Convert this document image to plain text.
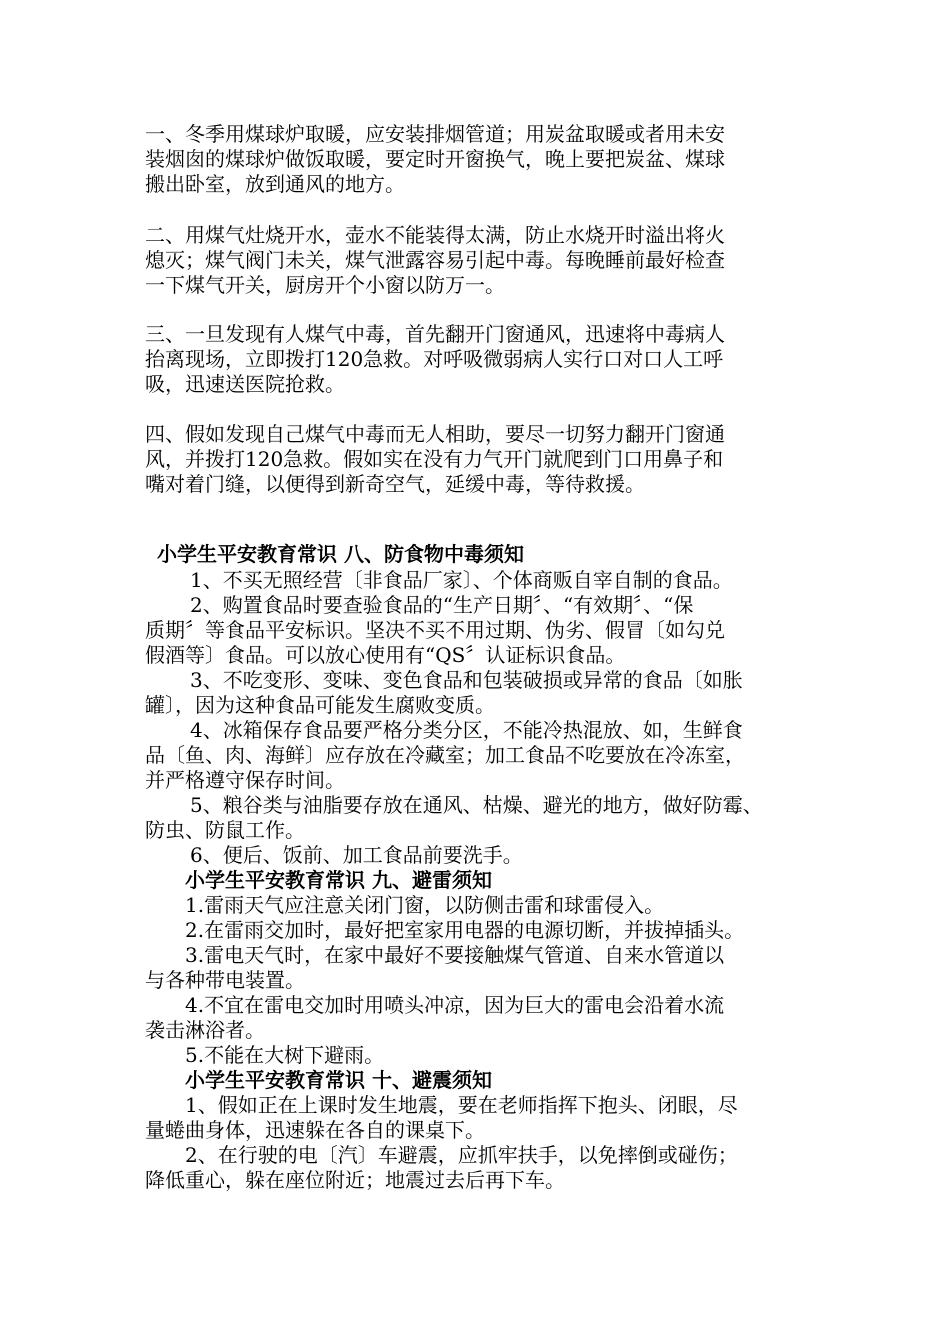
一、冬季用煤球炉取暖，应安装排烟管道；用炭盆取暖或者用未安
装烟囱的煤球炉做饭取暖，要定时开窗换气，晚上要把炭盆、煤球
搬出卧室，放到通风的地方。

二、用煤气灶烧开水，壶水不能装得太满，防止水烧开时溢出将火
熄灭；煤气阀门未关，煤气泄露容易引起中毒。每晚睡前最好检查
一下煤气开关，厨房开个小窗以防万一。

三、一旦发现有人煤气中毒，首先翻开门窗通风，迅速将中毒病人
抬离现场，立即拨打120急救。对呼吸微弱病人实行口对口人工呼
吸，迅速送医院抢救。

四、假如发现自己煤气中毒而无人相助，要尽一切努力翻开门窗通
风，并拨打120急救。假如实在没有力气开门就爬到门口用鼻子和
嘴对着门缝，以便得到新奇空气，延缓中毒，等待救援。

小学生平安教育常识 八、防食物中毒须知
1、不买无照经营〔非食品厂家〕、个体商贩自宰自制的食品。
2、购置食品时要查验食品的“生产日期〞、“有效期〞、“保
质期〞等食品平安标识。坚决不买不用过期、伪劣、假冒〔如勾兑
假酒等〕食品。可以放心使用有“QS〞认证标识食品。
3、不吃变形、变味、变色食品和包装破损或异常的食品〔如胀
罐〕，因为这种食品可能发生腐败变质。
4、冰箱保存食品要严格分类分区，不能冷热混放、如，生鲜食
品〔鱼、肉、海鲜〕应存放在冷藏室；加工食品不吃要放在冷冻室，
并严格遵守保存时间。
5、粮谷类与油脂要存放在通风、枯燥、避光的地方，做好防霉、
防虫、防鼠工作。
6、便后、饭前、加工食品前要洗手。
小学生平安教育常识 九、避雷须知
1.雷雨天气应注意关闭门窗，以防侧击雷和球雷侵入。
2.在雷雨交加时，最好把室家用电器的电源切断，并拔掉插头。
3.雷电天气时，在家中最好不要接触煤气管道、自来水管道以
与各种带电装置。
4.不宜在雷电交加时用喷头冲凉，因为巨大的雷电会沿着水流
袭击淋浴者。
5.不能在大树下避雨。
小学生平安教育常识 十、避震须知
1、假如正在上课时发生地震，要在老师指挥下抱头、闭眼，尽
量蜷曲身体，迅速躲在各自的课桌下。
2、在行驶的电〔汽〕车避震，应抓牢扶手，以免摔倒或碰伤；
降低重心，躲在座位附近；地震过去后再下车。
